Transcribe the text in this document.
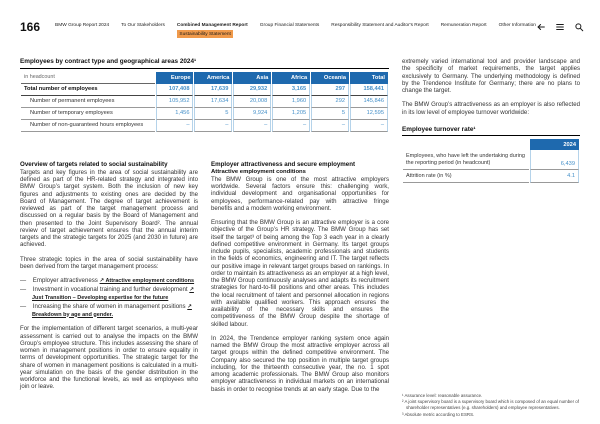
166	BMW Group Report 2024	To Our Stakeholders	Combined Management Report
Sustainability Statement
Group Financial Statements	Responsibility Statement and Auditor's Report	Remuneration Report	Other Information
Employees by contract type and geographical areas 2024¹
in headcount	Europe	America	Asia	Africa	Oceania	Total
Total number of employees	107,408	17,639	29,932	3,165	297	158,441
Number of permanent employees	105,952	17,634	20,008	1,960	292	145,846
Number of temporary employees	1,456	5	9,924	1,205	5	12,595
Number of non-guaranteed hours employees	–	–	–	–	–	–
Overview of targets related to social sustainability

Targets and key figures in the area of social sustainability are defined as part of the HR-related strategy and integrated into BMW Group’s target system. Both the inclusion of new key figures and adjustments to existing ones are decided by the Board of Management. The degree of target achievement is reviewed as part of the target management process and discussed on a regular basis by the Board of Management and then presented to the Joint Supervisory Board². The annual review of target achievement ensures that the annual interim targets and the strategic targets for 2025 (and 2030 in future) are achieved.

Three strategic topics in the area of social sustainability have been derived from the target management process:

— Employer attractiveness ↗ Attractive employment conditions
— Investment in vocational training and further development ↗ Just Transition – Developing expertise for the future
— Increasing the share of women in management positions ↗ Breakdown by age and gender.

For the implementation of different target scenarios, a multi-year assessment is carried out to analyse the impacts on the BMW Group’s employee structure. This includes assessing the share of women in management positions in order to ensure equality in terms of development opportunities. The strategic target for the share of women in management positions is calculated in a multi-year simulation on the basis of the gender distribution in the workforce and the functional levels, as well as employees who join or leave.

Employer attractiveness and secure employment
Attractive employment conditions

The BMW Group is one of the most attractive employers worldwide. Several factors ensure this: challenging work, individual development and organisational opportunities for employees, performance-related pay with attractive fringe benefits and a modern working environment.

Ensuring that the BMW Group is an attractive employer is a core objective of the Group’s HR strategy. The BMW Group has set itself the target³ of being among the Top 3 each year in a clearly defined competitive environment in Germany. Its target groups include pupils, specialists, academic professionals and students in the fields of economics, engineering and IT. The target reflects our positive image in relevant target groups based on rankings. In order to maintain its attractiveness as an employer at a high level, the BMW Group continuously analyses and adapts its recruitment strategies for hard-to-fill positions and other areas. This includes the local recruitment of talent and personnel allocation in regions with available qualified workers. This approach ensures the availability of the necessary skills and ensures the competitiveness of the BMW Group despite the shortage of skilled labour.

In 2024, the Trendence employer ranking system once again named the BMW Group the most attractive employer across all target groups within the defined competitive environment. The Company also secured the top position in multiple target groups including, for the thirteenth consecutive year, the no. 1 spot among academic professionals. The BMW Group also monitors employer attractiveness in individual markets on an international basis in order to recognise trends at an early stage. Due to the

extremely varied international tool and provider landscape and the specificity of market requirements, the target applies exclusively to Germany. The underlying methodology is defined by the Trendence Institute for Germany; there are no plans to change the target.

The BMW Group’s attractiveness as an employer is also reflected in its low level of employee turnover worldwide:

Employee turnover rate¹
	2024
Employees, who have left the undertaking during the reporting period (in headcount)	6,439
Attrition rate (in %)	4.1

¹ Assurance level: reasonable assurance.

² A joint supervisory board is a supervisory board which is composed of an equal number of shareholder representatives (e.g. shareholders) and employee representatives.

³ Absolute metric according to ESRS.
